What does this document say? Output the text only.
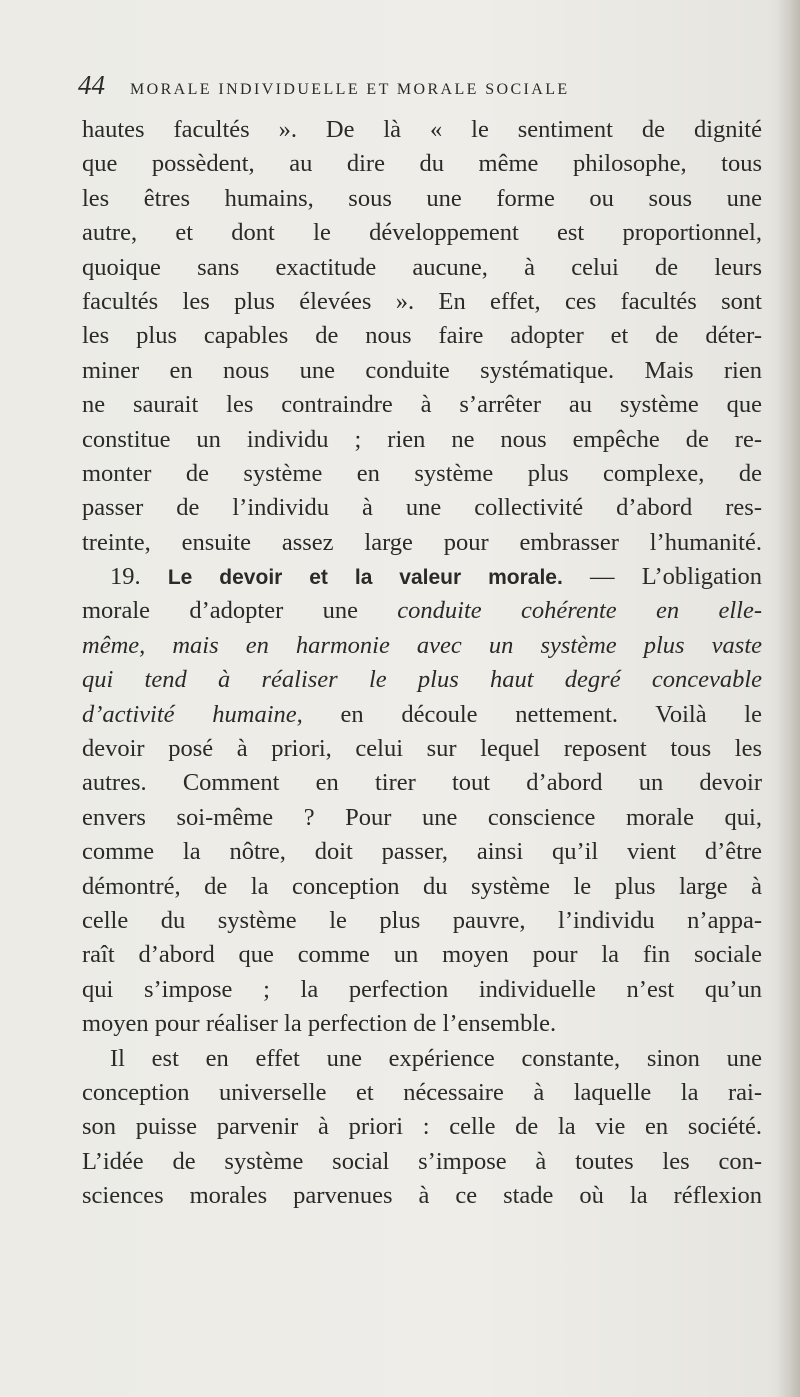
44	MORALE INDIVIDUELLE ET MORALE SOCIALE
hautes facultés ». De là « le sentiment de dignité
que possèdent, au dire du même philosophe, tous
les êtres humains, sous une forme ou sous une
autre, et dont le développement est proportionnel,
quoique sans exactitude aucune, à celui de leurs
facultés les plus élevées ». En effet, ces facultés sont
les plus capables de nous faire adopter et de déter-
miner en nous une conduite systématique. Mais rien
ne saurait les contraindre à s’arrêter au système que
constitue un individu ; rien ne nous empêche de re-
monter de système en système plus complexe, de
passer de l’individu à une collectivité d’abord res-
treinte, ensuite assez large pour embrasser l’humanité.
19. Le devoir et la valeur morale. — L’obligation
morale d’adopter une conduite cohérente en elle-
même, mais en harmonie avec un système plus vaste
qui tend à réaliser le plus haut degré concevable
d’activité humaine, en découle nettement. Voilà le
devoir posé à priori, celui sur lequel reposent tous les
autres. Comment en tirer tout d’abord un devoir
envers soi-même ? Pour une conscience morale qui,
comme la nôtre, doit passer, ainsi qu’il vient d’être
démontré, de la conception du système le plus large à
celle du système le plus pauvre, l’individu n’appa-
raît d’abord que comme un moyen pour la fin sociale
qui s’impose ; la perfection individuelle n’est qu’un
moyen pour réaliser la perfection de l’ensemble.
Il est en effet une expérience constante, sinon une
conception universelle et nécessaire à laquelle la rai-
son puisse parvenir à priori : celle de la vie en société.
L’idée de système social s’impose à toutes les con-
sciences morales parvenues à ce stade où la réflexion
